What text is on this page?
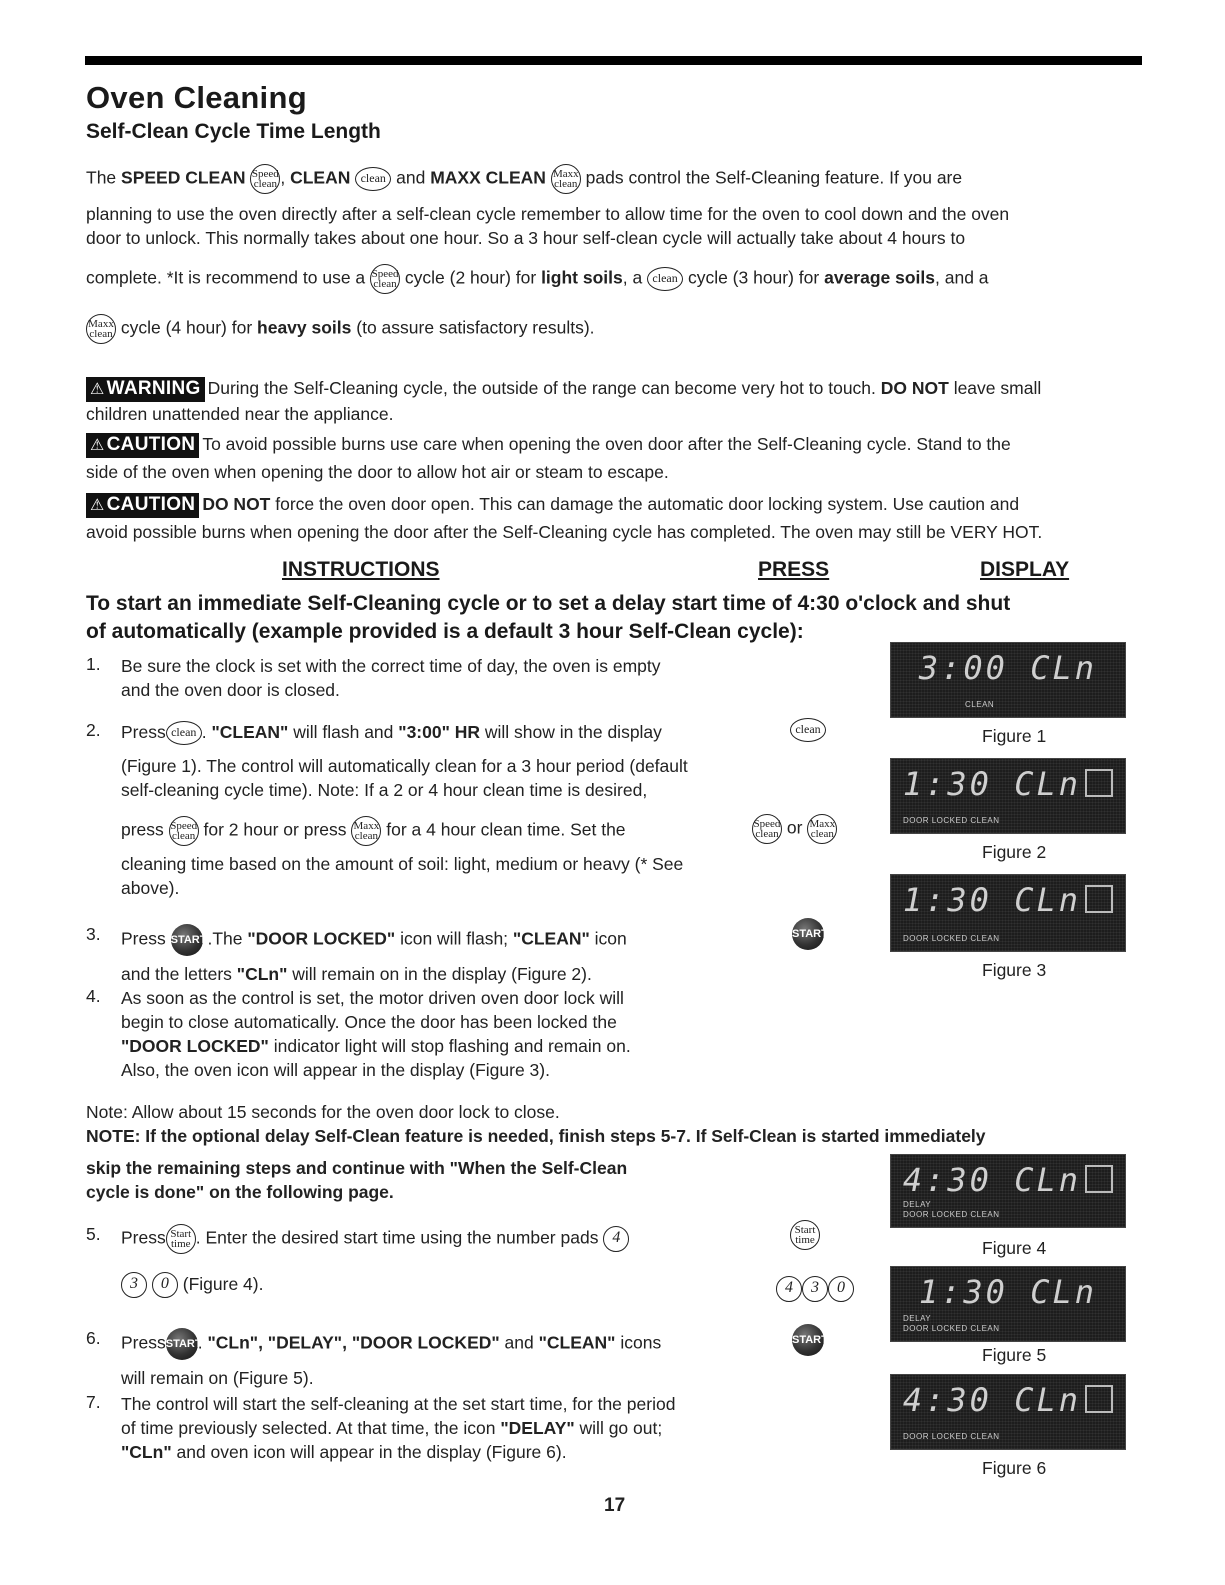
Oven Cleaning
Self-Clean Cycle Time Length
The SPEED CLEAN Speed
clean , CLEAN clean and MAXX CLEAN Maxx
clean pads control the Self-Cleaning feature. If you are
planning to use the oven directly after a self-clean cycle remember to allow time for the oven to cool down and the oven
door to unlock. This normally takes about one hour. So a 3 hour self-clean cycle will actually take about 4 hours to
complete. *It is recommend to use a Speed
clean cycle (2 hour) for light soils, a clean cycle (3 hour) for average soils, and a
Maxx
clean cycle (4 hour) for heavy soils (to assure satisfactory results).
⚠ WARNING During the Self-Cleaning cycle, the outside of the range can become very hot to touch. DO NOT leave small
children unattended near the appliance.
⚠ CAUTION To avoid possible burns use care when opening the oven door after the Self-Cleaning cycle. Stand to the
side of the oven when opening the door to allow hot air or steam to escape.
⚠ CAUTION DO NOT force the oven door open. This can damage the automatic door locking system. Use caution and
avoid possible burns when opening the door after the Self-Cleaning cycle has completed. The oven may still be VERY HOT.
INSTRUCTIONS	PRESS	DISPLAY
To start an immediate Self-Cleaning cycle or to set a delay start time of 4:30 o'clock and shut
of automatically (example provided is a default 3 hour Self-Clean cycle):
1. Be sure the clock is set with the correct time of day, the oven is empty
and the oven door is closed.
2. Press clean . "CLEAN" will flash and "3:00" HR will show in the display
(Figure 1). The control will automatically clean for a 3 hour period (default
self-cleaning cycle time). Note: If a 2 or 4 hour clean time is desired,
press Speed
clean for 2 hour or press Maxx
clean for a 4 hour clean time. Set the
cleaning time based on the amount of soil: light, medium or heavy (* See
above).
3. Press START .The "DOOR LOCKED" icon will flash; "CLEAN" icon
and the letters "CLn" will remain on in the display (Figure 2).
4. As soon as the control is set, the motor driven oven door lock will
begin to close automatically. Once the door has been locked the
"DOOR LOCKED" indicator light will stop flashing and remain on.
Also, the oven icon will appear in the display (Figure 3).
Note: Allow about 15 seconds for the oven door lock to close.
NOTE: If the optional delay Self-Clean feature is needed, finish steps 5-7. If Self-Clean is started immediately
skip the remaining steps and continue with "When the Self-Clean
cycle is done" on the following page.
5. Press Start
time . Enter the desired start time using the number pads 4
3 0 (Figure 4).
6. PressSTART. "CLn", "DELAY", "DOOR LOCKED" and "CLEAN" icons
will remain on (Figure 5).
7. The control will start the self-cleaning at the set start time, for the period
of time previously selected. At that time, the icon "DELAY" will go out;
"CLn" and oven icon will appear in the display (Figure 6).
clean
Speed
clean or Maxx
clean
START
Start
time
4 3 0
START
3:00 CLn
CLEAN
Figure 1
1:30 CLn
DOOR LOCKED CLEAN
Figure 2
1:30 CLn
DOOR LOCKED CLEAN
Figure 3
4:30 CLn
DELAY
DOOR LOCKED CLEAN
Figure 4
1:30 CLn
DELAY
DOOR LOCKED CLEAN
Figure 5
4:30 CLn
DOOR LOCKED CLEAN
Figure 6
17
